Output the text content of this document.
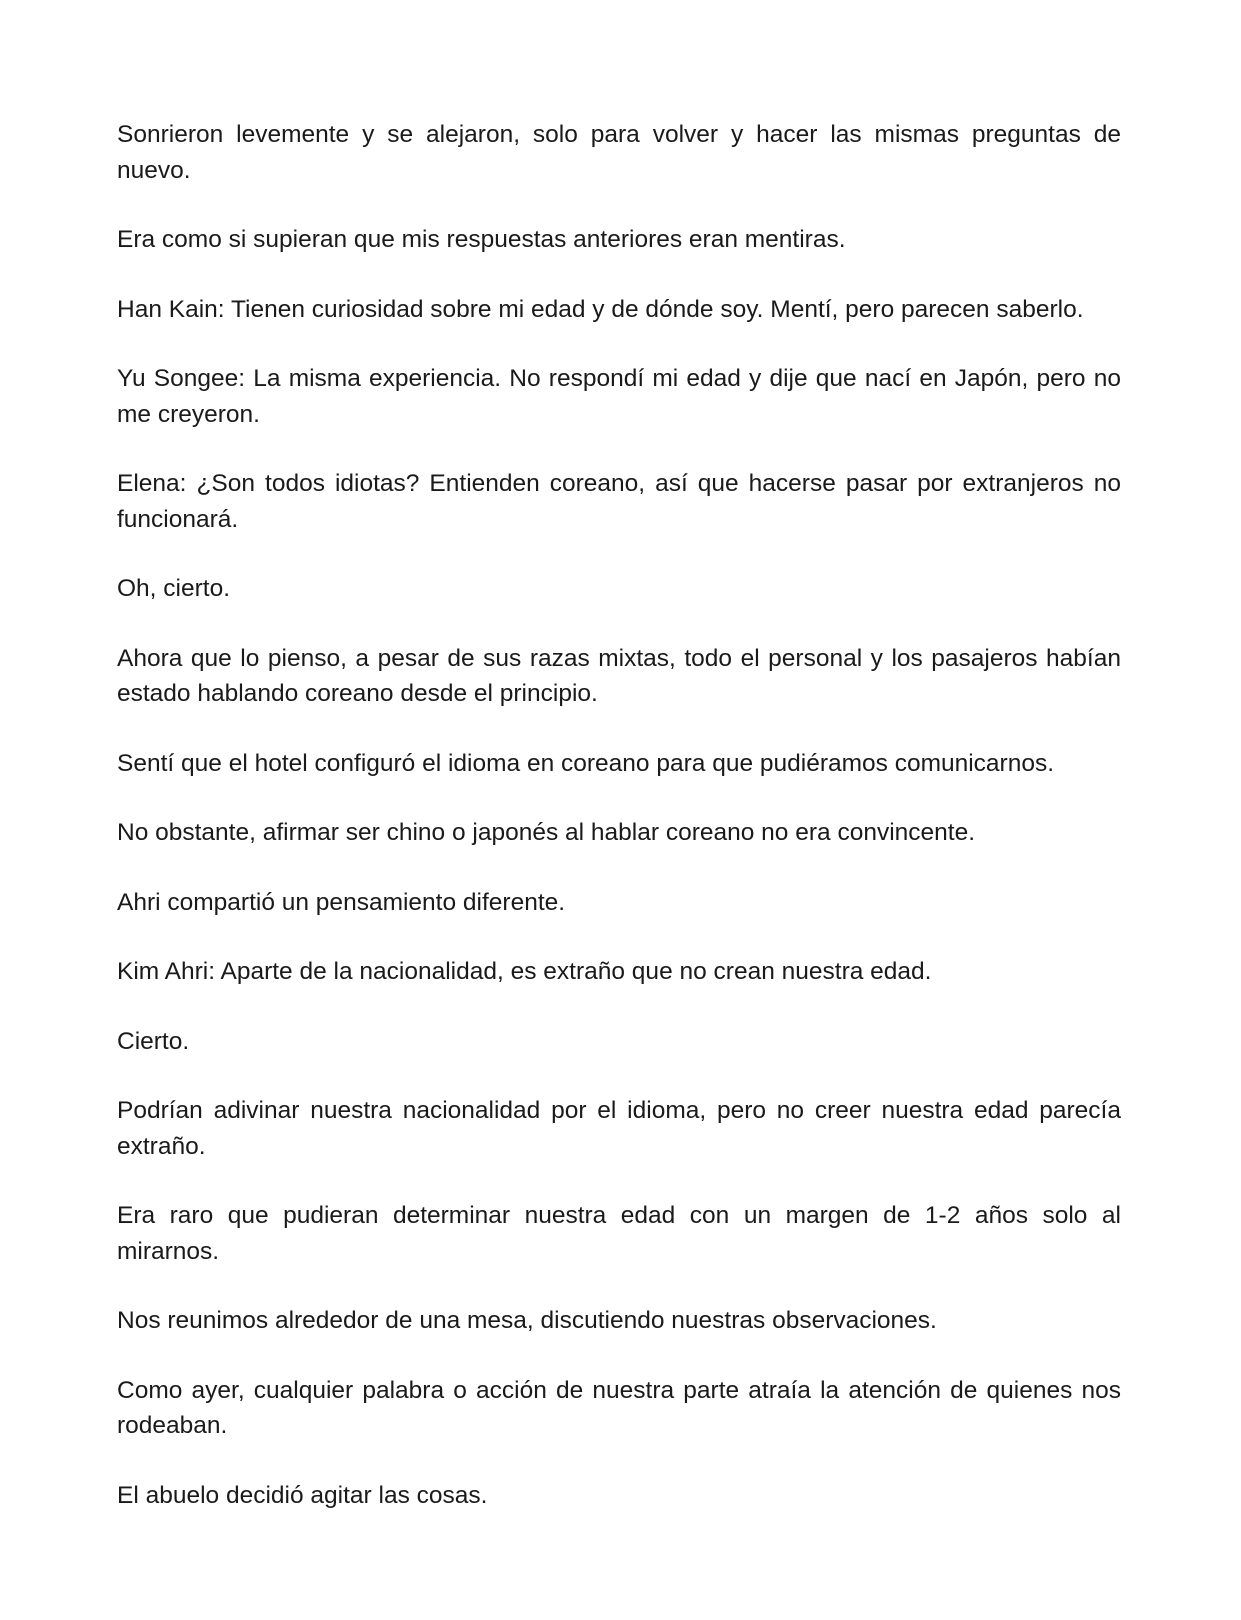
Sonrieron levemente y se alejaron, solo para volver y hacer las mismas preguntas de nuevo.

Era como si supieran que mis respuestas anteriores eran mentiras.

Han Kain: Tienen curiosidad sobre mi edad y de dónde soy. Mentí, pero parecen saberlo.

Yu Songee: La misma experiencia. No respondí mi edad y dije que nací en Japón, pero no me creyeron.

Elena: ¿Son todos idiotas? Entienden coreano, así que hacerse pasar por extranjeros no funcionará.

Oh, cierto.

Ahora que lo pienso, a pesar de sus razas mixtas, todo el personal y los pasajeros habían estado hablando coreano desde el principio.

Sentí que el hotel configuró el idioma en coreano para que pudiéramos comunicarnos.

No obstante, afirmar ser chino o japonés al hablar coreano no era convincente.

Ahri compartió un pensamiento diferente.

Kim Ahri: Aparte de la nacionalidad, es extraño que no crean nuestra edad.

Cierto.

Podrían adivinar nuestra nacionalidad por el idioma, pero no creer nuestra edad parecía extraño.

Era raro que pudieran determinar nuestra edad con un margen de 1-2 años solo al mirarnos.

Nos reunimos alrededor de una mesa, discutiendo nuestras observaciones.

Como ayer, cualquier palabra o acción de nuestra parte atraía la atención de quienes nos rodeaban.

El abuelo decidió agitar las cosas.
